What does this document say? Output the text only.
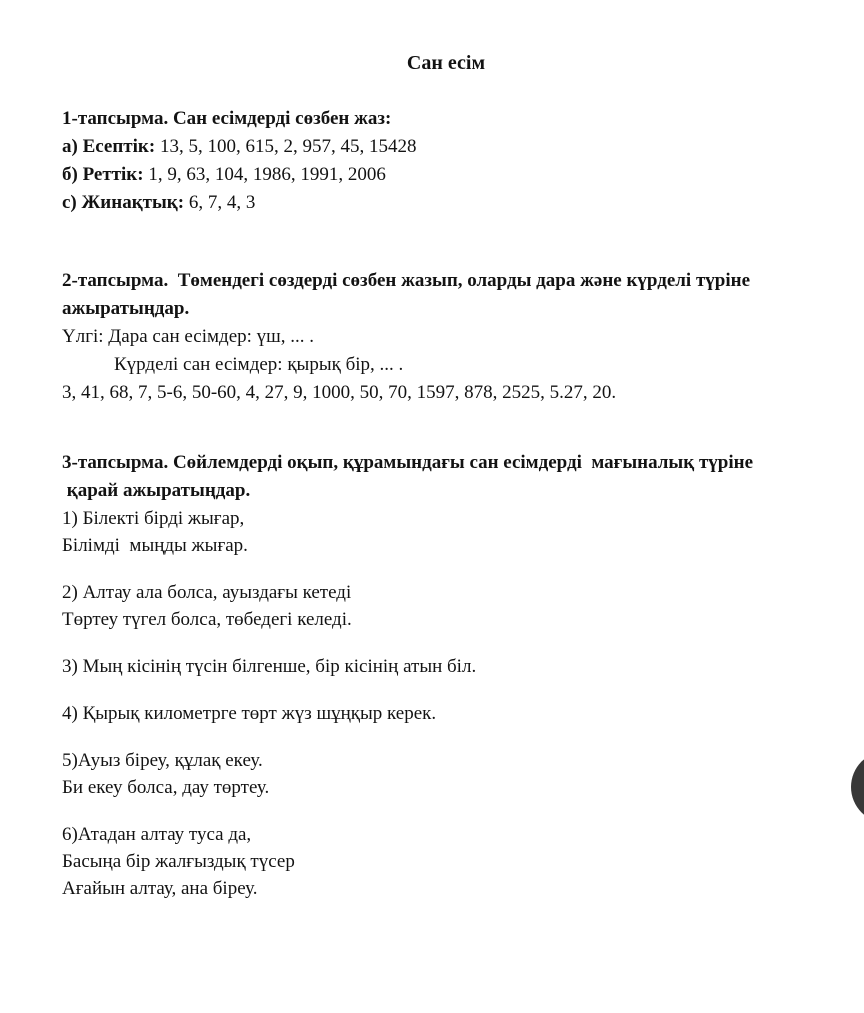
Сан есім
1-тапсырма. Сан есімдерді сөзбен жаз:
а) Есептік: 13, 5, 100, 615, 2, 957, 45, 15428
б) Реттік: 1, 9, 63, 104, 1986, 1991, 2006
с) Жинақтық: 6, 7, 4, 3
2-тапсырма.  Төмендегі сөздерді сөзбен жазып, оларды дара және күрделі түріне
ажыратыңдар.
Үлгі: Дара сан есімдер: үш, ... .
Күрделі сан есімдер: қырық бір, ... .
3, 41, 68, 7, 5-6, 50-60, 4, 27, 9, 1000, 50, 70, 1597, 878, 2525, 5.27, 20.
3-тапсырма. Сөйлемдерді оқып, құрамындағы сан есімдерді  мағыналық түріне
қарай ажыратыңдар.
1) Білекті бірді жығар,
Білімді  мыңды жығар.
2) Алтау ала болса, ауыздағы кетеді
Төртеу түгел болса, төбедегі келеді.
3) Мың кісінің түсін білгенше, бір кісінің атын біл.
4) Қырық километрге төрт жүз шұңқыр керек.
5)Ауыз біреу, құлақ екеу.
Би екеу болса, дау төртеу.
6)Атадан алтау туса да,
Басыңа бір жалғыздық түсер
Ағайын алтау, ана біреу.
